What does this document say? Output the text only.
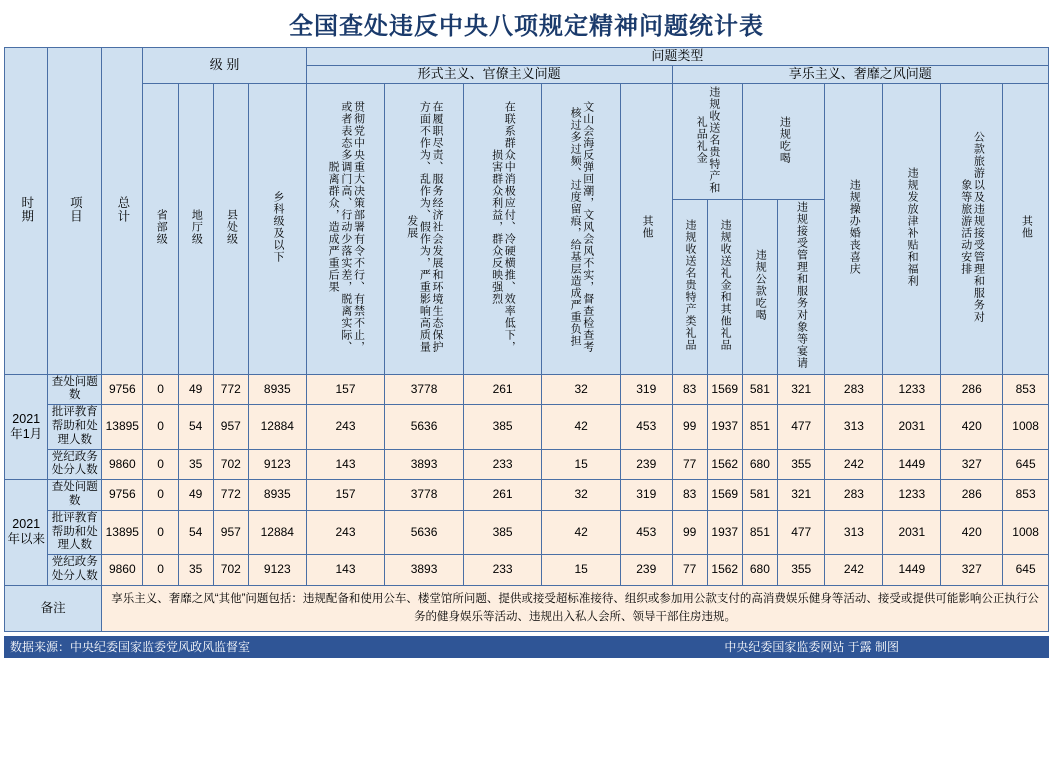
全国查处违反中央八项规定精神问题统计表
时期	项目	总计	级 别				问题类型												
							形式主义、官僚主义问题					享乐主义、奢靡之风问题							
			省部级	地厅级	县处级	乡科级及以下	贯彻党中央重大决策部署有令不行、有禁不止，或者表态多调门高、行动少落实差，脱离实际、脱离群众，造成严重后果	在履职尽责、服务经济社会发展和环境生态保护方面不作为、乱作为、假作为，严重影响高质量发展	在联系群众中消极应付、冷硬横推、效率低下，损害群众利益，群众反映强烈	文山会海反弹回潮，文风会风不实，督查检查考核过多过频、过度留痕，给基层造成严重负担	其他	违规收送名贵特产和礼品礼金		违规吃喝		违规操办婚丧喜庆	违规发放津补贴和福利	公款旅游以及违规接受管理和服务对象等旅游活动安排	其他
												违规收送名贵特产类礼品	违规收送礼金和其他礼品	违规公款吃喝	违规接受管理和服务对象等宴请				

2021年1月	查处问题数	9756	0	49	772	8935	157	3778	261	32	319	83	1569	581	321	283	1233	286	853
	批评教育帮助和处理人数	13895	0	54	957	12884	243	5636	385	42	453	99	1937	851	477	313	2031	420	1008
	党纪政务处分人数	9860	0	35	702	9123	143	3893	233	15	239	77	1562	680	355	242	1449	327	645
2021年以来	查处问题数	9756	0	49	772	8935	157	3778	261	32	319	83	1569	581	321	283	1233	286	853
	批评教育帮助和处理人数	13895	0	54	957	12884	243	5636	385	42	453	99	1937	851	477	313	2031	420	1008
	党纪政务处分人数	9860	0	35	702	9123	143	3893	233	15	239	77	1562	680	355	242	1449	327	645
备注		享乐主义、奢靡之风“其他”问题包括：违规配备和使用公车、楼堂馆所问题、提供或接受超标准接待、组织或参加用公款支付的高消费娱乐健身等活动、接受或提供可能影响公正执行公务的健身娱乐等活动、违规出入私人会所、领导干部住房违规。																	
数据来源：中央纪委国家监委党风政风监督室	中央纪委国家监委网站 于露 制图
